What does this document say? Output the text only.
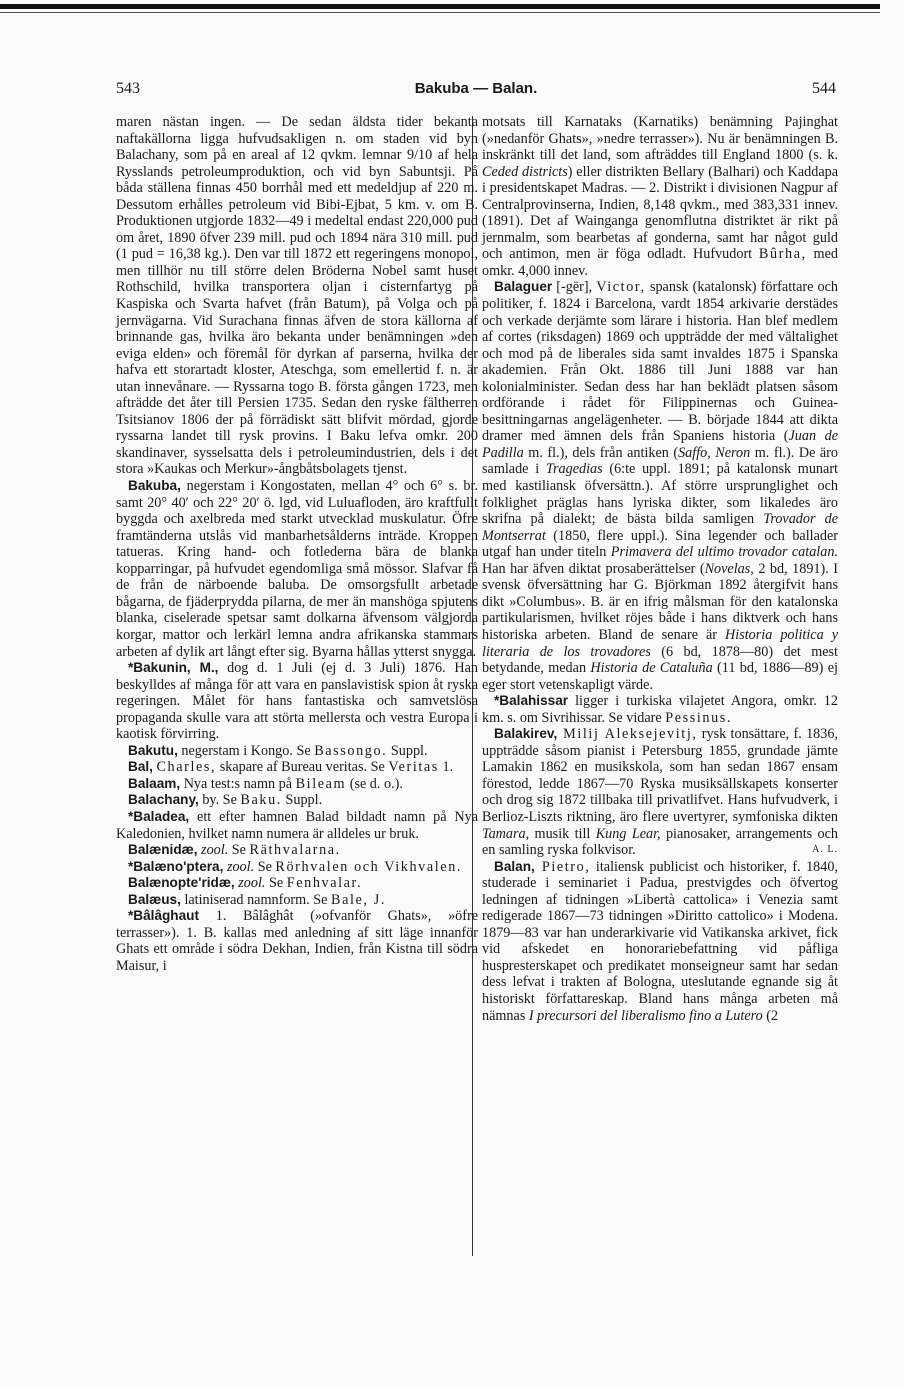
543	Bakuba — Balan.	544

maren nästan ingen. — De sedan äldsta tider bekanta naftakällorna ligga hufvudsakligen n. om staden vid byn Balachany, som på en areal af 12 qvkm. lemnar 9/10 af hela Rysslands petroleumproduktion, och vid byn Sabuntsji. På båda ställena finnas 450 borrhål med ett medeldjup af 220 m. Dessutom erhålles petroleum vid Bibi-Ejbat, 5 km. v. om B. Produktionen utgjorde 1832—49 i medeltal endast 220,000 pud om året, 1890 öfver 239 mill. pud och 1894 nära 310 mill. pud (1 pud = 16,38 kg.). Den var till 1872 ett regeringens monopol, men tillhör nu till större delen Bröderna Nobel samt huset Rothschild, hvilka transportera oljan i cisternfartyg på Kaspiska och Svarta hafvet (från Batum), på Volga och på jernvägarna. Vid Surachana finnas äfven de stora källorna af brinnande gas, hvilka äro bekanta under benämningen »den eviga elden» och föremål för dyrkan af parserna, hvilka der hafva ett storartadt kloster, Ateschga, som emellertid f. n. är utan innevånare. — Ryssarna togo B. första gången 1723, men afträdde det åter till Persien 1735. Sedan den ryske fältherren Tsitsianov 1806 der på förrädiskt sätt blifvit mördad, gjorde ryssarna landet till rysk provins. I Baku lefva omkr. 200 skandinaver, sysselsatta dels i petroleumindustrien, dels i det stora »Kaukas och Merkur»-ångbåtsbolagets tjenst.

Bakuba, negerstam i Kongostaten, mellan 4° och 6° s. br. samt 20° 40′ och 22° 20′ ö. lgd, vid Luluafloden, äro kraftfullt byggda och axelbreda med starkt utvecklad muskulatur. Öfre framtänderna utslås vid manbarhetsålderns inträde. Kroppen tatueras. Kring hand- och fotlederna bära de blanka kopparringar, på hufvudet egendomliga små mössor. Slafvar få de från de närboende baluba. De omsorgsfullt arbetade bågarna, de fjäderprydda pilarna, de mer än manshöga spjutens blanka, ciselerade spetsar samt dolkarna äfvensom välgjorda korgar, mattor och lerkärl lemna andra afrikanska stammars arbeten af dylik art långt efter sig. Byarna hållas ytterst snygga.

*Bakunin, M., dog d. 1 Juli (ej d. 3 Juli) 1876. Han beskylldes af många för att vara en panslavistisk spion åt ryska regeringen. Målet för hans fantastiska och samvetslösa propaganda skulle vara att störta mellersta och vestra Europa i kaotisk förvirring.

Bakutu, negerstam i Kongo. Se Bassongo. Suppl.

Bal, Charles, skapare af Bureau veritas. Se Veritas 1.

Balaam, Nya test:s namn på Bileam (se d. o.).

Balachany, by. Se Baku. Suppl.

*Baladea, ett efter hamnen Balad bildadt namn på Nya Kaledonien, hvilket namn numera är alldeles ur bruk.

Balænidæ, zool. Se Räthvalarna.

*Balæno'ptera, zool. Se Rörhvalen och Vikhvalen.

Balænopte'ridæ, zool. Se Fenhvalar.

Balæus, latiniserad namnform. Se Bale, J.

*Bâlâghaut 1. Bâlâghât (»ofvanför Ghats», »öfre terrasser»). 1. B. kallas med anledning af sitt läge innanför Ghats ett område i södra Dekhan, Indien, från Kistna till södra Maisur, i

motsats till Karnataks (Karnatiks) benämning Pajinghat (»nedanför Ghats», »nedre terrasser»). Nu är benämningen B. inskränkt till det land, som afträddes till England 1800 (s. k. Ceded districts) eller distrikten Bellary (Balhari) och Kaddapa i presidentskapet Madras. — 2. Distrikt i divisionen Nagpur af Centralprovinserna, Indien, 8,148 qvkm., med 383,331 innev. (1891). Det af Wainganga genomflutna distriktet är rikt på jernmalm, som bearbetas af gonderna, samt har något guld och antimon, men är föga odladt. Hufvudort Bûrha, med omkr. 4,000 innev.

Balaguer [-gēr], Victor, spansk (katalonsk) författare och politiker, f. 1824 i Barcelona, vardt 1854 arkivarie derstädes och verkade derjämte som lärare i historia. Han blef medlem af cortes (riksdagen) 1869 och uppträdde der med vältalighet och mod på de liberales sida samt invaldes 1875 i Spanska akademien. Från Okt. 1886 till Juni 1888 var han kolonialminister. Sedan dess har han beklädt platsen såsom ordförande i rådet för Filippinernas och Guinea-besittningarnas angelägenheter. — B. började 1844 att dikta dramer med ämnen dels från Spaniens historia (Juan de Padilla m. fl.), dels från antiken (Saffo, Neron m. fl.). De äro samlade i Tragedias (6:te uppl. 1891; på katalonsk munart med kastiliansk öfversättn.). Af större ursprunglighet och folklighet präglas hans lyriska dikter, som likaledes äro skrifna på dialekt; de bästa bilda samligen Trovador de Montserrat (1850, flere uppl.). Sina legender och ballader utgaf han under titeln Primavera del ultimo trovador catalan. Han har äfven diktat prosaberättelser (Novelas, 2 bd, 1891). I svensk öfversättning har G. Björkman 1892 återgifvit hans dikt »Columbus». B. är en ifrig målsman för den katalonska partikularismen, hvilket röjes både i hans diktverk och hans historiska arbeten. Bland de senare är Historia politica y literaria de los trovadores (6 bd, 1878—80) det mest betydande, medan Historia de Cataluña (11 bd, 1886—89) ej eger stort vetenskapligt värde.

*Balahissar ligger i turkiska vilajetet Angora, omkr. 12 km. s. om Sivrihissar. Se vidare Pessinus.

Balakirev, Milij Aleksejevitj, rysk tonsättare, f. 1836, uppträdde såsom pianist i Petersburg 1855, grundade jämte Lamakin 1862 en musikskola, som han sedan 1867 ensam förestod, ledde 1867—70 Ryska musiksällskapets konserter och drog sig 1872 tillbaka till privatlifvet. Hans hufvudverk, i Berlioz-Liszts riktning, äro flere uvertyrer, symfoniska dikten Tamara, musik till Kung Lear, pianosaker, arrangements och en samling ryska folkvisor.	A. L.

Balan, Pietro, italiensk publicist och historiker, f. 1840, studerade i seminariet i Padua, prestvigdes och öfvertog ledningen af tidningen »Libertà cattolica» i Venezia samt redigerade 1867—73 tidningen »Diritto cattolico» i Modena. 1879—83 var han underarkivarie vid Vatikanska arkivet, fick vid afskedet en honorariebefattning vid påfliga huspresterskapet och predikatet monseigneur samt har sedan dess lefvat i trakten af Bologna, uteslutande egnande sig åt historiskt författareskap. Bland hans många arbeten må nämnas I precursori del liberalismo fino a Lutero (2
